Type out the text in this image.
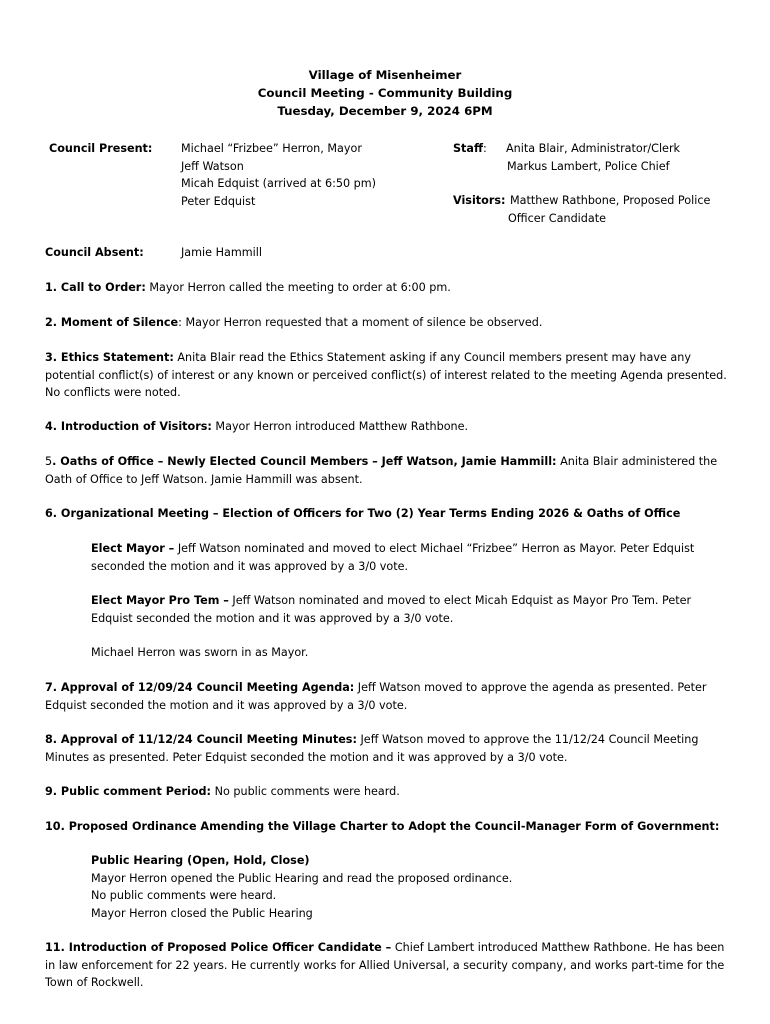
Village of Misenheimer
Council Meeting - Community Building
Tuesday, December 9, 2024 6PM
Council Present:	Michael “Frizbee” Herron, Mayor
Jeff Watson
Micah Edquist (arrived at 6:50 pm)
Peter Edquist
Staff: Anita Blair, Administrator/Clerk
Markus Lambert, Police Chief
Visitors: Matthew Rathbone, Proposed Police
Officer Candidate
Council Absent:	Jamie Hammill
1. Call to Order: Mayor Herron called the meeting to order at 6:00 pm.
2. Moment of Silence: Mayor Herron requested that a moment of silence be observed.
3. Ethics Statement: Anita Blair read the Ethics Statement asking if any Council members present may have any potential conflict(s) of interest or any known or perceived conflict(s) of interest related to the meeting Agenda presented. No conflicts were noted.
4. Introduction of Visitors: Mayor Herron introduced Matthew Rathbone.
5. Oaths of Office – Newly Elected Council Members – Jeff Watson, Jamie Hammill: Anita Blair administered the Oath of Office to Jeff Watson. Jamie Hammill was absent.
6. Organizational Meeting – Election of Officers for Two (2) Year Terms Ending 2026 & Oaths of Office
Elect Mayor – Jeff Watson nominated and moved to elect Michael “Frizbee” Herron as Mayor. Peter Edquist seconded the motion and it was approved by a 3/0 vote.
Elect Mayor Pro Tem – Jeff Watson nominated and moved to elect Micah Edquist as Mayor Pro Tem. Peter Edquist seconded the motion and it was approved by a 3/0 vote.
Michael Herron was sworn in as Mayor.
7. Approval of 12/09/24 Council Meeting Agenda: Jeff Watson moved to approve the agenda as presented. Peter Edquist seconded the motion and it was approved by a 3/0 vote.
8. Approval of 11/12/24 Council Meeting Minutes: Jeff Watson moved to approve the 11/12/24 Council Meeting Minutes as presented. Peter Edquist seconded the motion and it was approved by a 3/0 vote.
9. Public comment Period: No public comments were heard.
10. Proposed Ordinance Amending the Village Charter to Adopt the Council-Manager Form of Government:
Public Hearing (Open, Hold, Close)
Mayor Herron opened the Public Hearing and read the proposed ordinance.
No public comments were heard.
Mayor Herron closed the Public Hearing
11. Introduction of Proposed Police Officer Candidate – Chief Lambert introduced Matthew Rathbone. He has been in law enforcement for 22 years. He currently works for Allied Universal, a security company, and works part-time for the Town of Rockwell.
